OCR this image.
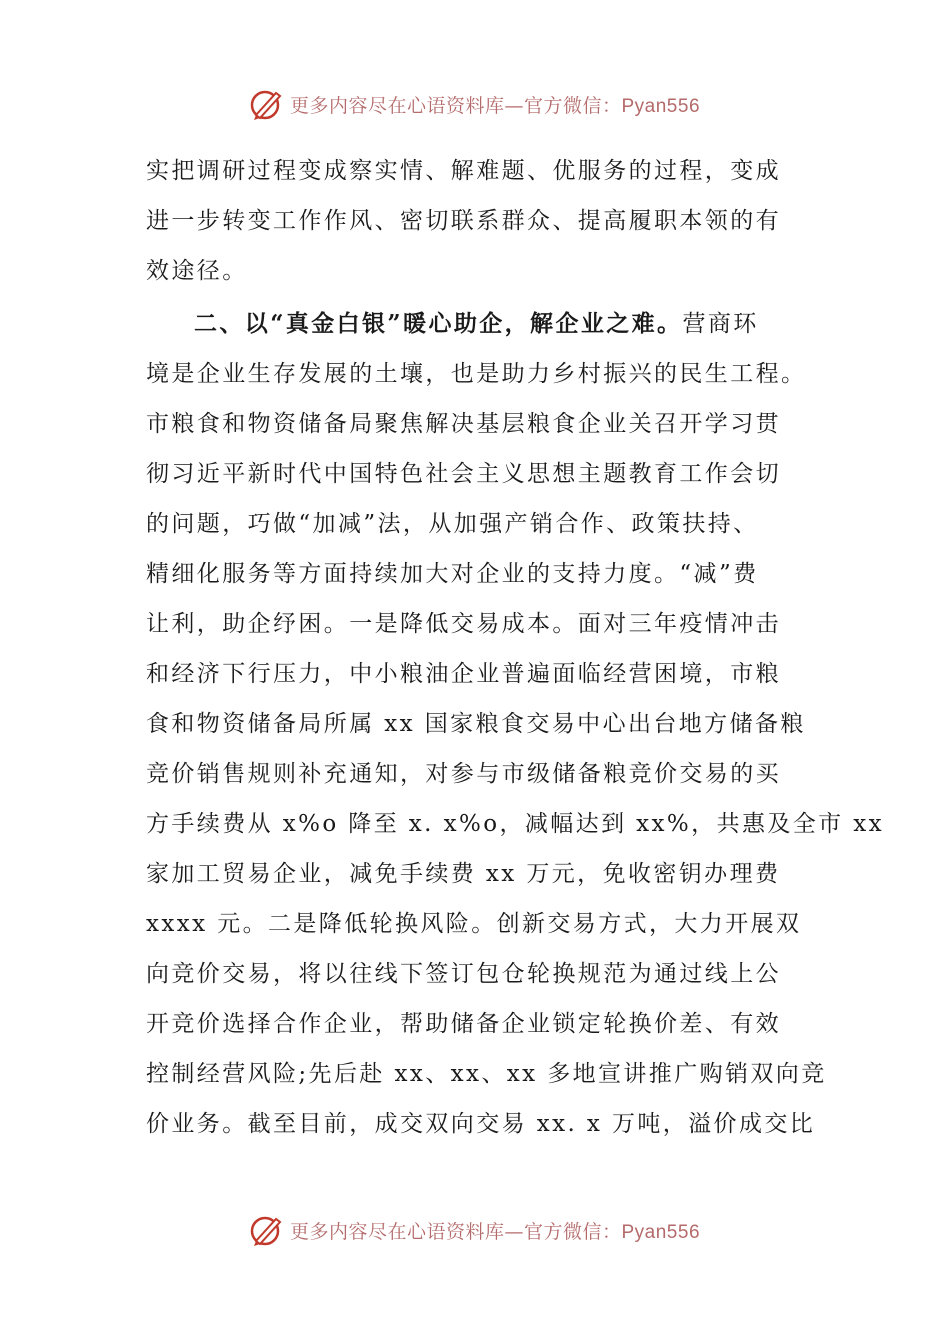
更多内容尽在心语资料库—官方微信：Pyan556
实把调研过程变成察实情、解难题、优服务的过程，变成
进一步转变工作作风、密切联系群众、提高履职本领的有
效途径。
二、以“真金白银”暖心助企，解企业之难。营商环
境是企业生存发展的土壤，也是助力乡村振兴的民生工程。
市粮食和物资储备局聚焦解决基层粮食企业关召开学习贯
彻习近平新时代中国特色社会主义思想主题教育工作会切
的问题，巧做“加减”法，从加强产销合作、政策扶持、
精细化服务等方面持续加大对企业的支持力度。“减”费
让利，助企纾困。一是降低交易成本。面对三年疫情冲击
和经济下行压力，中小粮油企业普遍面临经营困境，市粮
食和物资储备局所属 xx 国家粮食交易中心出台地方储备粮
竞价销售规则补充通知，对参与市级储备粮竞价交易的买
方手续费从 x%o 降至 x. x%o，减幅达到 xx%，共惠及全市 xx
家加工贸易企业，减免手续费 xx 万元，免收密钥办理费
xxxx 元。二是降低轮换风险。创新交易方式，大力开展双
向竞价交易，将以往线下签订包仓轮换规范为通过线上公
开竞价选择合作企业，帮助储备企业锁定轮换价差、有效
控制经营风险;先后赴 xx、xx、xx 多地宣讲推广购销双向竞
价业务。截至目前，成交双向交易 xx. x 万吨，溢价成交比
更多内容尽在心语资料库—官方微信：Pyan556
